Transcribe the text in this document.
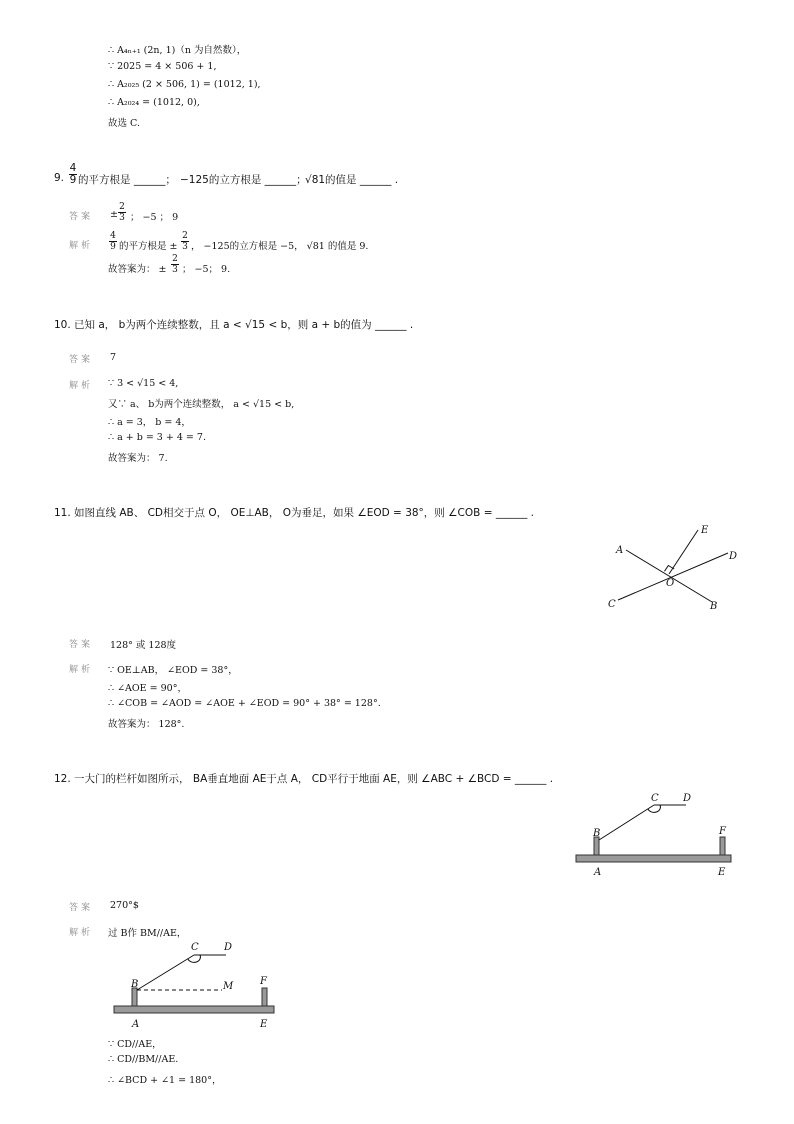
∴ A₄ₙ₊₁ (2n, 1)（n 为自然数），
∵ 2025 = 4 × 506 + 1,
∴ A₂₀₂₅ (2 × 506, 1) = (1012, 1),
∴ A₂₀₂₄ = (1012, 0),
故选 C.
9. $\frac{4}{9}$ 的平方根是 ______； −125的立方根是 ______；
√81的值是 ______ .
答案 ± $\frac{2}{3}$ ； −5 ； 9
解析 $\frac{4}{9}$ 的平方根是 ± $\frac{2}{3}$ ， −125的立方根是 −5， √81 的值是 9.
故答案为： ± $\frac{2}{3}$ ； −5； 9.
10. 已知 a， b为两个连续整数，且 a < √15 < b，则 a + b的值为 ______ .
答案 7
解析 ∵ 3 < √15 < 4,
又∵ a、 b为两个连续整数， a < √15 < b,
∴ a = 3， b = 4，
∴ a + b = 3 + 4 = 7.
故答案为： 7.
11. 如图直线 AB、 CD相交于点 O， OE⊥AB， O为垂足，如果 ∠EOD = 38°，则 ∠COB = ______ .
A
B
C
D
E
O
答案 128° 或 128度
解析 ∵ OE⊥AB， ∠EOD = 38°，
∴ ∠AOE = 90°，
∴ ∠COB = ∠AOD = ∠AOE + ∠EOD = 90° + 38° = 128°.
故答案为： 128°.
12. 一大门的栏杆如图所示， BA垂直地面 AE于点 A， CD平行于地面 AE，则 ∠ABC + ∠BCD = ______ .
A
B
C D
E
F
答案 270°$
解析 过 B作 BM//AE，
A
B
C	D
E
F
M
∵ CD//AE，
∴ CD//BM//AE.
∴ ∠BCD + ∠1 = 180°，
